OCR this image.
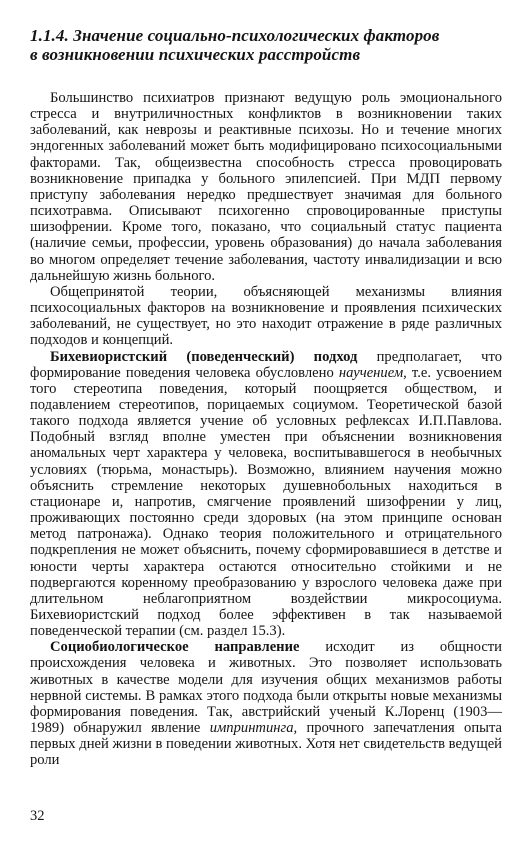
1.1.4. Значение социально-психологических факторов
в возникновении психических расстройств

Большинство психиатров признают ведущую роль эмоционального стресса и внутриличностных конфликтов в возникновении таких заболеваний, как неврозы и реактивные психозы. Но и течение многих эндогенных заболеваний может быть модифицировано психосоциальными факторами. Так, общеизвестна способность стресса провоцировать возникновение припадка у больного эпилепсией. При МДП первому приступу заболевания нередко предшествует значимая для больного психотравма. Описывают психогенно спровоцированные приступы шизофрении. Кроме того, показано, что социальный статус пациента (наличие семьи, профессии, уровень образования) до начала заболевания во многом определяет течение заболевания, частоту инвалидизации и всю дальнейшую жизнь больного.

Общепринятой теории, объясняющей механизмы влияния психосоциальных факторов на возникновение и проявления психических заболеваний, не существует, но это находит отражение в ряде различных подходов и концепций.

Бихевиористский (поведенческий) подход предполагает, что формирование поведения человека обусловлено научением, т.е. усвоением того стереотипа поведения, который поощряется обществом, и подавлением стереотипов, порицаемых социумом. Теоретической базой такого подхода является учение об условных рефлексах И.П.Павлова. Подобный взгляд вполне уместен при объяснении возникновения аномальных черт характера у человека, воспитывавшегося в необычных условиях (тюрьма, монастырь). Возможно, влиянием научения можно объяснить стремление некоторых душевнобольных находиться в стационаре и, напротив, смягчение проявлений шизофрении у лиц, проживающих постоянно среди здоровых (на этом принципе основан метод патронажа). Однако теория положительного и отрицательного подкрепления не может объяснить, почему сформировавшиеся в детстве и юности черты характера остаются относительно стойкими и не подвергаются коренному преобразованию у взрослого человека даже при длительном неблагоприятном воздействии микросоциума. Бихевиористский подход более эффективен в так называемой поведенческой терапии (см. раздел 15.3).

Социобиологическое направление исходит из общности происхождения человека и животных. Это позволяет использовать животных в качестве модели для изучения общих механизмов работы нервной системы. В рамках этого подхода были открыты новые механизмы формирования поведения. Так, австрийский ученый К.Лоренц (1903—1989) обнаружил явление импринтинга, прочного запечатления опыта первых дней жизни в поведении животных. Хотя нет свидетельств ведущей роли

32
